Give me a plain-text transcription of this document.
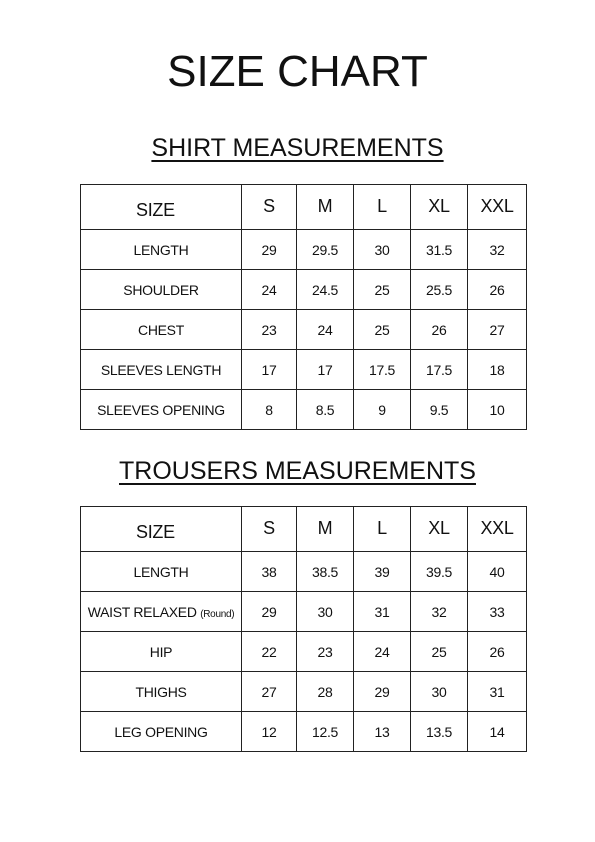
SIZE CHART
SHIRT MEASUREMENTS
SIZE	S	M	L	XL	XXL
LENGTH	29	29.5	30	31.5	32
SHOULDER	24	24.5	25	25.5	26
CHEST	23	24	25	26	27
SLEEVES LENGTH	17	17	17.5	17.5	18
SLEEVES OPENING	8	8.5	9	9.5	10
TROUSERS MEASUREMENTS
SIZE	S	M	L	XL	XXL
LENGTH	38	38.5	39	39.5	40
WAIST RELAXED (Round)	29	30	31	32	33
HIP	22	23	24	25	26
THIGHS	27	28	29	30	31
LEG OPENING	12	12.5	13	13.5	14
